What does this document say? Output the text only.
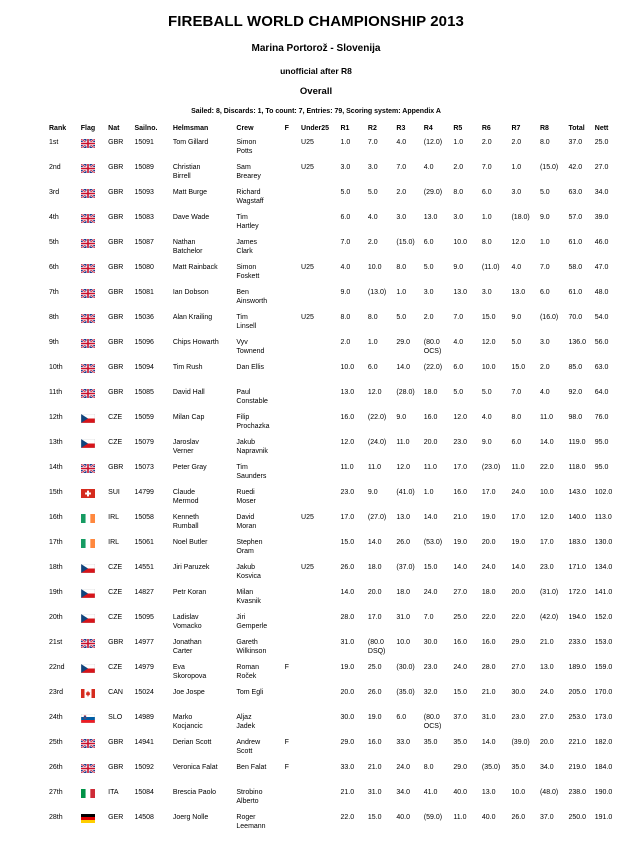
FIREBALL WORLD CHAMPIONSHIP 2013
Marina Portorož - Slovenija
unofficial after R8
Overall
Sailed: 8, Discards: 1, To count: 7, Entries: 79, Scoring system: Appendix A
Rank	Flag	Nat	Sailno.	Helmsman	Crew	F	Under25	R1	R2	R3	R4	R5	R6	R7	R8	Total	Nett
1st		GBR	15091	Tom Gillard	Simon
Potts		U25	1.0	7.0	4.0	(12.0)	1.0	2.0	2.0	8.0	37.0	25.0
2nd		GBR	15089	Christian
Birrell	Sam
Brearey		U25	3.0	3.0	7.0	4.0	2.0	7.0	1.0	(15.0)	42.0	27.0
3rd		GBR	15093	Matt Burge	Richard
Wagstaff			5.0	5.0	2.0	(29.0)	8.0	6.0	3.0	5.0	63.0	34.0
4th		GBR	15083	Dave Wade	Tim
Hartley			6.0	4.0	3.0	13.0	3.0	1.0	(18.0)	9.0	57.0	39.0
5th		GBR	15087	Nathan
Batchelor	James
Clark			7.0	2.0	(15.0)	6.0	10.0	8.0	12.0	1.0	61.0	46.0
6th		GBR	15080	Matt Rainback	Simon
Foskett		U25	4.0	10.0	8.0	5.0	9.0	(11.0)	4.0	7.0	58.0	47.0
7th		GBR	15081	Ian Dobson	Ben
Ainsworth			9.0	(13.0)	1.0	3.0	13.0	3.0	13.0	6.0	61.0	48.0
8th		GBR	15036	Alan Krailing	Tim
Linsell		U25	8.0	8.0	5.0	2.0	7.0	15.0	9.0	(16.0)	70.0	54.0
9th		GBR	15096	Chips Howarth	Vyv
Townend			2.0	1.0	29.0	(80.0
OCS)	4.0	12.0	5.0	3.0	136.0	56.0
10th		GBR	15094	Tim Rush	Dan Ellis			10.0	6.0	14.0	(22.0)	6.0	10.0	15.0	2.0	85.0	63.0
11th		GBR	15085	David Hall	Paul
Constable			13.0	12.0	(28.0)	18.0	5.0	5.0	7.0	4.0	92.0	64.0
12th		CZE	15059	Milan Cap	Filip
Prochazka			16.0	(22.0)	9.0	16.0	12.0	4.0	8.0	11.0	98.0	76.0
13th		CZE	15079	Jaroslav
Verner	Jakub
Napravnik			12.0	(24.0)	11.0	20.0	23.0	9.0	6.0	14.0	119.0	95.0
14th		GBR	15073	Peter Gray	Tim
Saunders			11.0	11.0	12.0	11.0	17.0	(23.0)	11.0	22.0	118.0	95.0
15th		SUI	14799	Claude
Mermod	Ruedi
Moser			23.0	9.0	(41.0)	1.0	16.0	17.0	24.0	10.0	143.0	102.0
16th		IRL	15058	Kenneth
Rumball	David
Moran		U25	17.0	(27.0)	13.0	14.0	21.0	19.0	17.0	12.0	140.0	113.0
17th		IRL	15061	Noel Butler	Stephen
Oram			15.0	14.0	26.0	(53.0)	19.0	20.0	19.0	17.0	183.0	130.0
18th		CZE	14551	Jiri Paruzek	Jakub
Kosvica		U25	26.0	18.0	(37.0)	15.0	14.0	24.0	14.0	23.0	171.0	134.0
19th		CZE	14827	Petr Koran	Milan
Kvasnik			14.0	20.0	18.0	24.0	27.0	18.0	20.0	(31.0)	172.0	141.0
20th		CZE	15095	Ladislav
Vomacko	Jiri
Gemperle			28.0	17.0	31.0	7.0	25.0	22.0	22.0	(42.0)	194.0	152.0
21st		GBR	14977	Jonathan
Carter	Gareth
Wilkinson			31.0	(80.0
DSQ)	10.0	30.0	16.0	16.0	29.0	21.0	233.0	153.0
22nd		CZE	14979	Eva
Skoropova	Roman
Roček	F		19.0	25.0	(30.0)	23.0	24.0	28.0	27.0	13.0	189.0	159.0
23rd		CAN	15024	Joe Jospe	Tom Egli			20.0	26.0	(35.0)	32.0	15.0	21.0	30.0	24.0	205.0	170.0
24th		SLO	14989	Marko
Kocjancic	Aljaz
Jadek			30.0	19.0	6.0	(80.0
OCS)	37.0	31.0	23.0	27.0	253.0	173.0
25th		GBR	14941	Derian Scott	Andrew
Scott	F		29.0	16.0	33.0	35.0	35.0	14.0	(39.0)	20.0	221.0	182.0
26th		GBR	15092	Veronica Falat	Ben Falat	F		33.0	21.0	24.0	8.0	29.0	(35.0)	35.0	34.0	219.0	184.0
27th		ITA	15084	Brescia Paolo	Strobino
Alberto			21.0	31.0	34.0	41.0	40.0	13.0	10.0	(48.0)	238.0	190.0
28th		GER	14508	Joerg Nolle	Roger
Leemann			22.0	15.0	40.0	(59.0)	11.0	40.0	26.0	37.0	250.0	191.0
